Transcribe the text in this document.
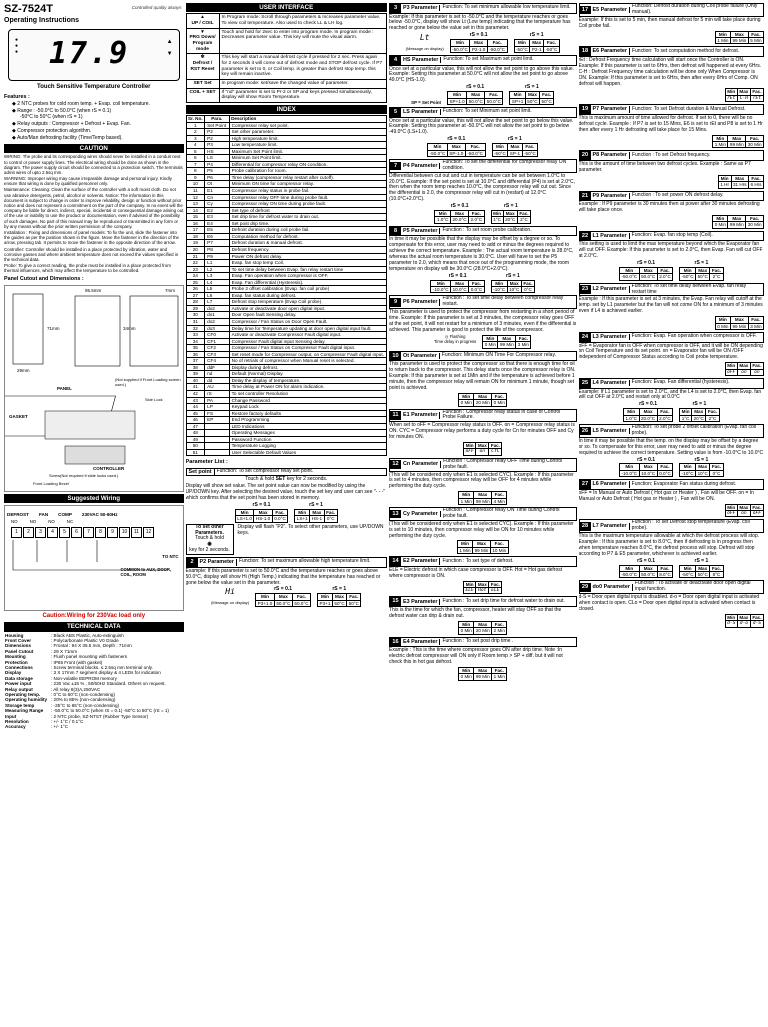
SZ-7524T

Operating Instructions

Controlled quality always
●
●
● 17.9	▲
▼

Touch Sensitive Temperature Controller

Features :

◆ 2 NTC probes for cold room temp. + Evap. coil temperature.

◆ Range : -50.0°C to 50.0°C (when rS = 0.1)

-50°C to 50°C (when rS = 1)

◆ Relay outputs : Compressor + Defrost + Evap. Fan.

◆ Compressor protection algorithm.

◆ Auto/Man defrosting facility (Time/Temp based).

CAUTION

WIRING: The probe and its corresponding wires should never be installed in a conduit next to control or power supply lines. The electrical wiring should be done as shown in the diagram. The power supply circuit should be connected to a protection switch. The terminals admit wires of upto 2.5sq mm.

WARNING: Improper wiring may cause irreparable damage and personal injury. Kindly ensure that wiring is done by qualified personnel only.

Maintenance: Cleaning: Clean the surface of the controller with a soft moist cloth. Do not use abrasive detergents, petrol, alcohol or solvents. Notice: The information in this document is subject to change in order to improve reliability, design or function without prior notice and does not represent a commitment on the part of the company. In no event will the company be liable for direct, indirect, special, incidental or consequential damage arising out of the use or inability to use the product or documentation, even if advised of the possibility of such damages. No part of this manual may be reproduced or transmitted in any form or by any means without the prior written permission of the company.

Installation : Fixing and dimensions of panel models: To fix the unit, slide the fastener into the guides as per the position shown in the figure. Move the fastener in the direction of the arrow, pressing tab. It permits to move the fastener in the opposite direction of the arrow.

Controller: Controller should be installed in a place protected by vibration, water and corrosive gasses and where ambient temperature does not exceed the values specified in the technical data.

Probe: To give a correct reading, the probe must be installed in a place protected from thermal influences, which may affect the temperature to be controlled.

Panel Cutout and Dimensions :

29mm
71mm	34mm
95.5mm	7mm
PANEL
GASKET
(Not supplied if Front Loading screen used.)
Side Lock
CONTROLLER
Screw(Not required if slide locks used.)
Front Loading Bezel
Suggested Wiring
DEFROST FAN COMP 230VAC 50-60Hz
NO	NO	NO	NC
1 2 3 4 5 6 7 8 9 10 11 12
TO NTC
COMMON to AUX, DOOR, COIL, ROOM
Caution:Wiring for 230Vac load only
TECHNICAL DATA
Housing	: Black ABS Plastic, Auto-extinguish
Front Cover	: Polycarbonate Plastic V0 Grade
Dimensions	: Frontal : 94 X 35.5 mm, Depth : 71mm
Panel Cutout	: 29 X 71mm
Mounting	: Flush panel mounting with fasteners
Protection	: IP65 Front (with gasket)
Connections	: Screw terminal blocks. ≤ 2.5sq mm terminal only.
Display	: 3 X 17mm 7 segment display & 4 LEDs for indication
Data storage	: Non-volatile EEPROM memory
Power input	: 230 Vac ±15 % , 50/60Hz Standard. Others on request.
Relay output	: All relay 8(3)A,250VAC
Operating temp.	: 0°C to 60°C (non-condensing)
Operating humidity	: 20% to 85% (non-condensing)
Storage temp	: -25°C to 65°C (non-condensing)
Measuring Range	: -50.0°C to 50.0°C (when rS = 0.1) -50°C to 50°C (rS = 1)
Input	: 2 NTC probe, SZ-NTST (Rubber Type Sensor)
Resolution	: +/- 1°C / 0.1°C
Accuracy	: +/- 1°C
USER INTERFACE
▲
UP / COIL	In Program mode: Scroll through parameters & Increases parameter value. To view coil temperature. Also used to check LL & LH log.
▼
PRG Down/ Program mode	Touch and hold for 2sec to enter into program mode. In program mode : Decreases parameter value. This key will mute the visual alarm.
❄
Defrost / RST Reset	This key will start a manual defrost cycle if pressed for 2 sec. Press again for 2 seconds it will come out of defrost mode and STOP defrost cycle. If P7 parameter is set to 0, or Coil temp. is greater than defrost stop temp. this key will remain inactive.
SET Set	In program mode: set/save the changed value of parameter.
COIL + SET	If "nd" parameter is set to Pr-2 or SP and keys pressed simultaneously, display will show Room Temperature.
INDEX
Sr. No.	Para.	Description
1	Set Point	Compressor relay set point.
2	P2	Set other parameter.
3	P2	High temperature limit.
4	P3	Low temperature limit.
5	HS	Maximum Set Point limit.
6	LS	Minimum Set Point limit.
7	P4	Differential for compressor relay ON condition.
8	P5	Probe calibration for room.
9	P6	Time delay (compressor relay restart after cutoff).
10	Ot	Minimum ON time for compressor relay.
11	E1	Compressor relay status in probe fail.
12	Cn	Compressor relay OFF time during probe fault.
13	Cy	Compressor relay ON time during probe fault.
14	E2	Set type of defrost
15	E3	Set drip time for defrost water to drain out.
16	E4	Set post drip time.
17	E5	Defrost duration during coil probe fail.
18	E6	Computation method for defrost.
19	P7	Defrost duration & manual defrost.
20	P8	Defrost frequency.
21	P9	Power ON defrost delay.
22	L1	Evap. fan stop temp Coil.
23	L2	To set time delay between Evap. fan relay restart time
24	L3	Evap. Fan operation when compressor is OFF.
25	L4	Evap. Fan differential (Hysteresis).
26	L5	Probe 2 offset calibration (Evap. fan coil probe)
27	L6	Evap. fan status during defrost.
28	L7	Defrost stop temperature (Evap Coil probe).
29	do2	Activate or deactivate door open digital input.
30	do1	Door Open fault Sensing delay.
31	do2	Compressor / Fan Status on Door Open Fault.
32	do3	Delay time for Temperature updating at door open digital input fault.
33	CF0	Activate or deactivate Compressor Fault digital input.
34	CF1	Compressor Fault digital input Sensing delay.
35	CF2	Compressor / Fan Status on Compressor Fault digital input.
36	CF3	Set reset mode for Compressor output, on Compressor Fault digital input.
37	CF4	No of retrials of compressor when Manual reset is selected.
38	ddF	Display during defrost.
39	nd	Default (Normal) Display.
40	dd	Delay the display of temperature.
41	AU	Time delay at Power ON for alarm indication.
42	rS	To set controller Resolution
43	PA	Change Password
44	LP	Keypad Lock
45	FS	Restore factory defaults
46	EP	End Programming
47		LED Indications
48		Operating Messages
49		Password Function
50		Temperature Logging
51		User Selectable Default Values

Parameter List :

Set point	Function: To set compressor relay set point.

Touch & hold SET key for 2 seconds.

Display will show set value. The set point value can now be modified by using the UP/DOWN key. After selecting the desired value, touch the set key and user can see "- - -" which confirms that the set point has been stored in memory.

rS = 0.1
Min	Max	Fac.
LS+1.0	HS-1.0	0.0°C
rS = 1
Min	Max	Fac.
LS+1	HS-1	0°C
To set other Parameters.
Touch & hold
◉
key for 2 seconds.

Display will flash "P2". To select other parameters, use UP/DOWN keys.

2	P2 Parameter	Function: To set maximum allowable high temperature limit.

Example: If this parameter is set to 50.0°C and the temperature reaches or goes above 50.0°C, display will show Hi (High Temp.) indicating that the temperature has reached or gone below the value set in this parameter.

Hi
(Message on display)
rS = 0.1
Min	Max	Fac.
P3+1.0	50.0°C	50.0°C
rS = 1
Min	Max	Fac.
P3+1	50°C	50°C
3	P3 Parameter	Function: To set minimum allowable low temperature limit.

Example: If this parameter is set to -50.0°C and the temperature reaches or goes below -50.0°C, display will show Lt (Low temp) indicating that the temperature has reached or gone below the value set in this parameter.

Lt
(Message on display)
rS = 0.1
Min	Max	Fac.
-50.0°C	P2-1.0	-50.0°C
rS = 1
Min	Max	Fac.
-50°C	P2-1	-50°C
4	HS Parameter	Function: To set Maximum set point limit.

Once set at a particular value, this will not allow the set point to go above this value. Example: Setting this parameter at 50.0°C will not allow the set point to go above 49.0°C (HS-1.0).

SP = Set Point
rS = 0.1
Min	Max	Fac.
SP+1.0	50.0°C	50.0°C
rS = 1
Min	Max	Fac.
SP+1	50°C	50°C
5	LS Parameter	Function: To set Minimum set point limit.

Once set at a particular value, this will not allow the set point to go below this value. Example: Setting this parameter at -50.0°C will not allow the set point to go below -49.0°C (LS+1.0).

rS = 0.1
Min	Max	Fac.
-50.0°C	SP-1.0	-50.0°C
rS = 1
Min	Max	Fac.
-50°C	SP-1	-50°C
7	P4 Parameter
Function: To set the differential for compressor relay ON condition.

Differential between cut out and cut in temperature can be set between 1.0°C to 20.0°C. Example: If the set point is set at 10.0°C and differential (P4) is set at 2.0°C, then when the room temp reaches 10.0°C, the compressor relay will cut out. Since the differential is 2.0, the compressor relay will cut in (restart) at 12.0°C (10.0°C+2.0°C).

rS = 0.1
Min	Max	Fac.
1.0°C	20.0°C	2.0°C
rS = 1
Min	Max	Fac.
1°C	20°C	2°C
8	P5 Parameter	Function : To set room probe calibration.

In time it may be possible that the display may be offset by a degree or so. To compensate for this error, user may need to add or minus the degrees required to achieve the correct temperature. Example : The actual room temperature is 28.0°C, whereas the actual room temperature is 30.0°C. User will have to set the P5 parameter to 2.0, which means that once out of the programming mode, the room temperature on display will be 30.0°C (28.0°C+2.0°C).

rS = 0.1
Min	Max	Fac.
-10.0°C	10.0°C	0.0°C
rS = 1
Min	Max	Fac.
-10°C	10°C	0°C
9	P6 Parameter
Function : To set time delay between compressor relay restart.

This parameter is used to protect the compressor from restarting in a short period of time. Example: If this parameter is set at 3 minutes, the compressor relay goes OFF at the set point, it will not restart for a minimum of 3 minutes, even if the differential is achieved. This parameter is good to protect the life of the compressor.

◷ Flashing
Time delay in progress
Min	Max	Fac.
0 Min	99 Min	3 Min
10 Ot Parameter	Function: Minimum ON Time For Compressor relay.

This parameter is used to protect the compressor so that there is enough time for oil to return back to the compressor. This delay starts once the compressor relay is ON. Example: If this parameter is set at 1Min and if the temperature is achieved before 1 minute, then the compressor relay will remain ON for minimum 1 minute, though set point is achieved.

Min	Max	Fac.
0 Min	20 Min	0 Min
11 E1 Parameter
Function : Compressor relay status in case of Control Probe Failure.

When set to oFF = Compressor relay status is OFF. on = Compressor relay status is ON. CYC = Compressor relay performs a duty cycle for Cn for minutes OFF and Cy for minutes ON.

Min	Max	Fac.
oFF	on	CYC
12 Cn Parameter
Function : Compressor relay OFF Time during Control probe fault.

(This will be considered only when E1 is selected CYC). Example : If this parameter is set to 4 minutes, then compressor relay will be OFF for 4 minutes while performing the duty cycle.

Min	Max	Fac.
1 Min	99 Min	4 Min
13 Cy Parameter
Function : Compressor relay ON Time during Control probe fault.

(This will be considered only when E1 is selected CYC). Example : If this parameter is set to 10 minutes, then compressor relay will be ON for 10 minutes while performing the duty cycle.

Min	Max	Fac.
1 Min	99 Min	10 Min
14 E2 Parameter	Function : To set type of defrost.

ELE = Electric defrost in which case compressor is OFF. Hot = Hot gas defrost where compressor is ON.

Min	Max	Fac.
ELE	Hot	ELE
15 E3 Parameter	Function : To set drip time for defrost water to drain out.

This is the time for which the fan, compressor, heater will stay OFF so that the defrost water can drip & drain out.

Min	Max	Fac.
0 Min	20 Min	2 Min
16 E4 Parameter	Function : To set post drip time .

Example : This is the time where compressor goes ON after drip time. Note :In electric defrost compressor will ON only if Room temp > SP + diff. but it will not check this in hot gas defrost.

Min	Max	Fac.
0 Min	99 Min	1 Min
17 E5 Parameter
Function: Defrost duration during Coil probe failure (Only manual).

Example: If this is set to 5 min, then manual defrost for 5 min will take place during Coil probe fail.

Min	Max	Fac.
1 Min	99 Min	5 Min
18 E6 Parameter	Function: To set computation method for defrost.

rEt : Defrost Frequency time calculation will start once the Controller is ON. Example: If this parameter is set to 6Hrs, then defrost will happened at every 6Hrs. C-H : Defrost Frequency time calculation will be done only When Compressor is ON. Example: If this parameter is set to 6Hrs, then after every 6Hrs of Comp. ON defrost will happen.

Min	Max	Fac.
rEt	C-H	rEt
19 P7 Parameter	Function: To set Defrost duration & Manual Defrost.

This is maximum amount of time allowed for defrost. If set to 0, there will be no defrost cycle. Example : If P7 is set to 15 Mins, E6 is set to rEt and P8 is set to 1 Hr then after every 1 Hr defrosting will take place for 15 Mins.

Min	Max	Fac.
1 Min	99 Min	30 Min
20 P8 Parameter	Function : To set Defrost frequency.

This is the amount of time between two defrost cycles. Example : Same as P7 parameter.

Min	Max	Fac.
1 Hr	31 Hrs	6 Hrs
21 P9 Parameter	Function : To set power ON defrost delay.

Example : If P9 parameter is 30 minutes then at power after 30 minutes defrosting will take place once.

Min	Max	Fac.
0 Min	99 Min	30 Min
22 L1 Parameter	Function: Evap. fan stop temp (Coil).

This setting is used to limit the max temperature beyond which the Evaporator fan will cut OFF. Example: If this parameter is set to 2.0°C, then Evap. Fan will cut OFF at 2.0°C.

rS = 0.1
Min	Max	Fac.
-50.0°C	50.0°C	2.0°C
rS = 1
Min	Max	Fac.
-50°C	50°C	2°C
23 L2 Parameter
Function: To set time delay between Evap. fan relay restart time

Example : If this parameter is set at 3 minutes, the Evap. Fan relay will cutoff at the temp. set by L1 parameter but the fan will not come ON for a minimum of 3 minutes even if L4 is achieved earlier.

Min	Max	Fac.
0 Min	99 Min	3 Min
24 L3 Parameter	Function: Evap. Fan operation when compressor is OFF.

oFF = Evaporator fan is OFF when compressor is OFF, and it will be ON depending on Coil Temperature and its set point. on = Evaporator fan will be ON /OFF independent of Compressor Status according to Coil probe temperature.

Min	Max	Fac.
oFF	on	on
25 L4 Parameter	Function: Evap. Fan differential (hysteresis).

Example: If L1 parameter is set to 2.0°C, and the L4 is set to 2.0°C, then Evap. fan will cut OFF at 2.0°C and restart only at 0.0°C

rS = 0.1
Min	Max	Fac.
1.0°C	20.0°C	2.0°C
rS = 1
Min	Max	Fac.
1°C	20°C	2°C
26 L5 Parameter
Function: To set probe 2 offset calibration (Evap. fan coil probe).

In time it may be possible that the temp. on the display may be offset by a degree or so. To compensate for this error, user may need to add or minus the degree required to achieve the correct temperature. Setting value is from -10.0°C to 10.0°C

rS = 0.1
Min	Max	Fac.
-10.0°C	10.0°C	0.0°C
rS = 1
Min	Max	Fac.
-10°C	10°C	0°C
27 L6 Parameter	Function: Evaporator Fan status during defrost.

oFF = In Manual or Auto Defrost ( Hot gas or Heater ) , Fan will be OFF. on = In Manual or Auto Defrost ( Hot gas or Heater ) , Fan will be ON.

Min	Max	Fac.
oFF	on	oFF
28 L7 Parameter
Function : To set Defrost stop temperature (Evap. coil probe).

This is the maximum temperature allowable at which the defrost process will stop. Example : If this parameter is set to 8.0°C, then if defrosting is in progress then when temperature reaches 8.0°C, the defrost process will stop. Defrost will stop according to P7 & E5 parameter, whichever is achieved earlier.

rS = 0.1
Min	Max	Fac.
-50.0°C	50.0°C	8.0°C
rS = 1
Min	Max	Fac.
-50°C	50°C	8°C
29 do0 Parameter
Function : To activate or deactivate door open digital input function.

d-S = Door open digital input is disabled. d-o = Door open digital input is activated when contact is open. CLo = Door open digital input is activated when contact is closed.

Min	Max	Fac.
d-S	d-o	d-S
